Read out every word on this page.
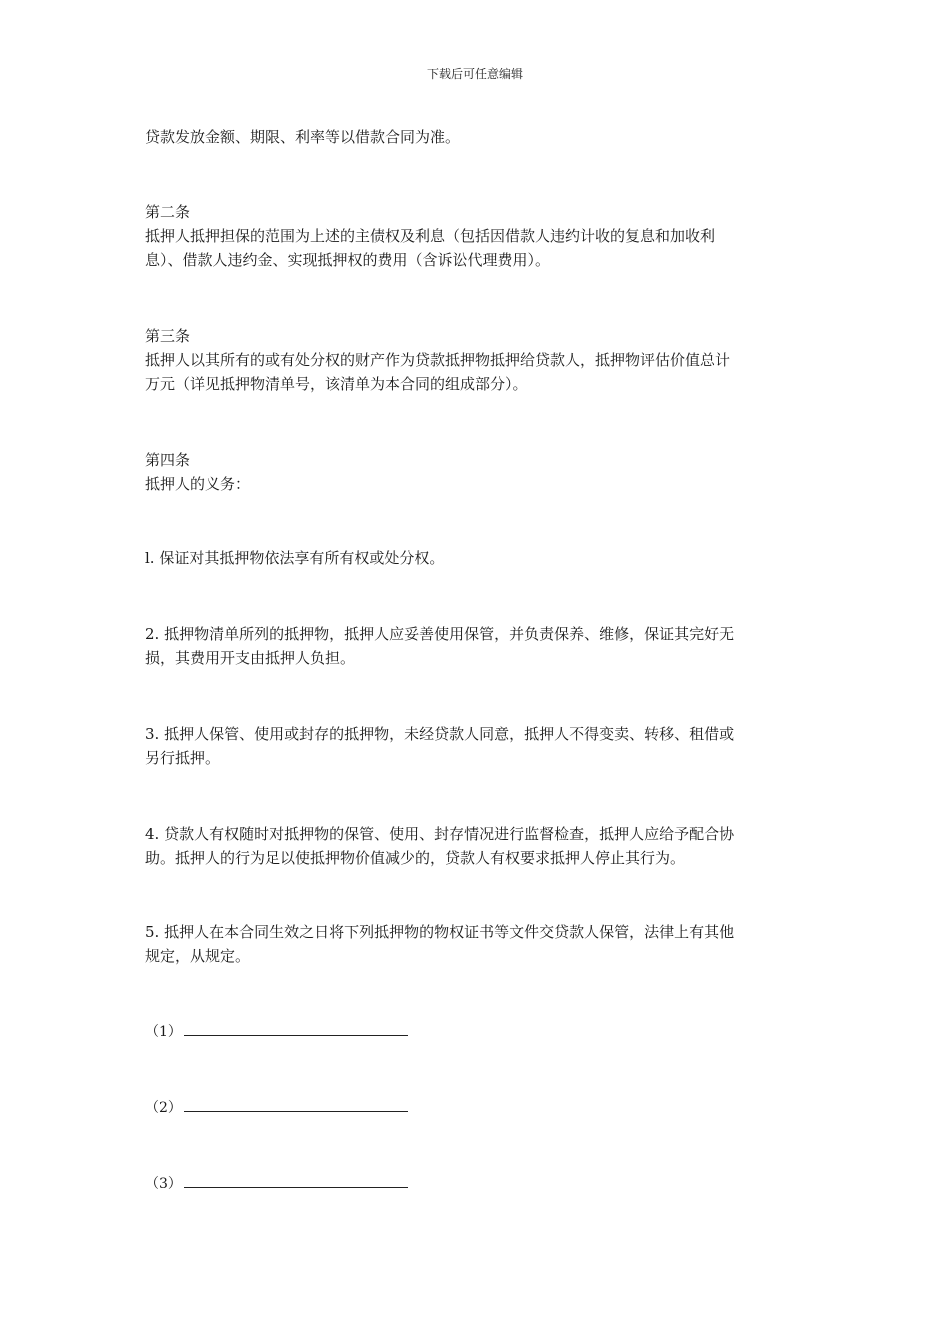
下载后可任意编辑

贷款发放金额、期限、利率等以借款合同为准。

第二条

抵押人抵押担保的范围为上述的主债权及利息（包括因借款人违约计收的复息和加收利

息）、借款人违约金、实现抵押权的费用（含诉讼代理费用）。

第三条

抵押人以其所有的或有处分权的财产作为贷款抵押物抵押给贷款人，抵押物评估价值总计

万元（详见抵押物清单号，该清单为本合同的组成部分）。

第四条

抵押人的义务：

l. 保证对其抵押物依法享有所有权或处分权。

2. 抵押物清单所列的抵押物，抵押人应妥善使用保管，并负责保养、维修，保证其完好无

损，其费用开支由抵押人负担。

3. 抵押人保管、使用或封存的抵押物，未经贷款人同意，抵押人不得变卖、转移、租借或

另行抵押。

4. 贷款人有权随时对抵押物的保管、使用、封存情况进行监督检查，抵押人应给予配合协

助。抵押人的行为足以使抵押物价值减少的，贷款人有权要求抵押人停止其行为。

5. 抵押人在本合同生效之日将下列抵押物的物权证书等文件交贷款人保管，法律上有其他

规定，从规定。

（1）
（2）
（3）
